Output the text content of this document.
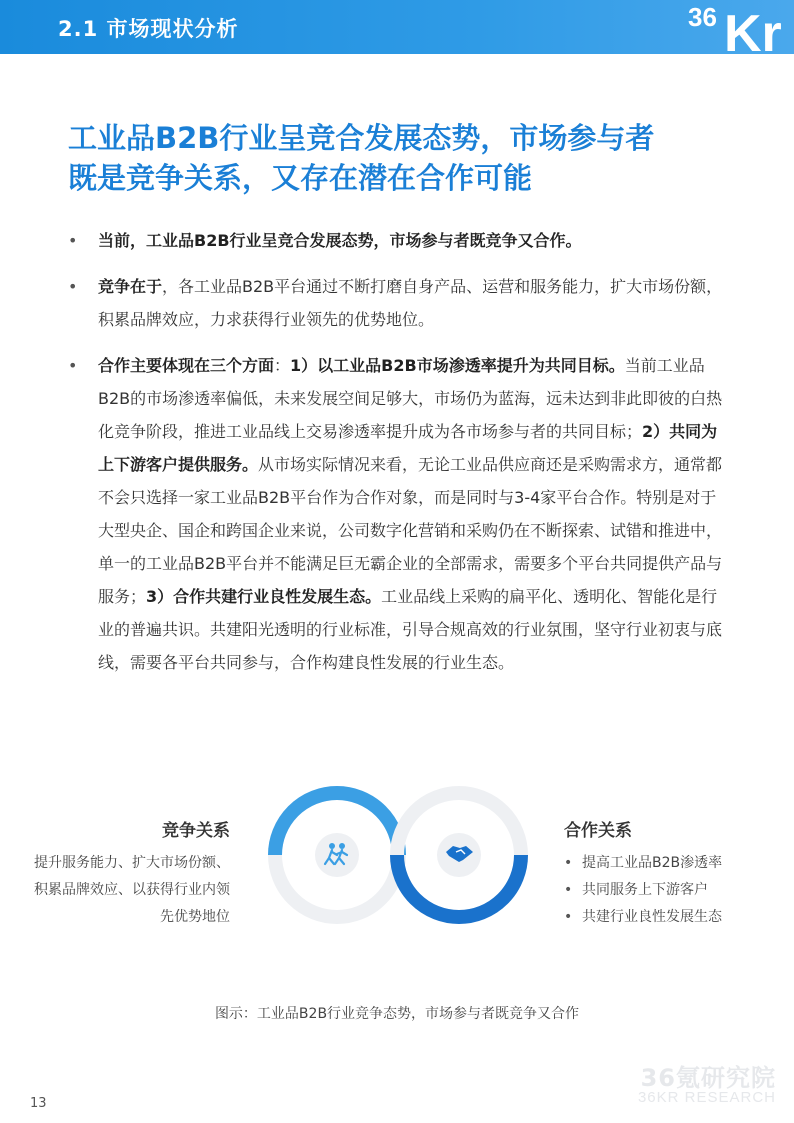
2.1 市场现状分析	36 Kr
工业品B2B行业呈竞合发展态势，市场参与者
既是竞争关系，又存在潜在合作可能
• 当前，工业品B2B行业呈竞合发展态势，市场参与者既竞争又合作。
• 竞争在于，各工业品B2B平台通过不断打磨自身产品、运营和服务能力，扩大市场份额，积累品牌效应，力求获得行业领先的优势地位。
• 合作主要体现在三个方面：1）以工业品B2B市场渗透率提升为共同目标。当前工业品B2B的市场渗透率偏低，未来发展空间足够大，市场仍为蓝海，远未达到非此即彼的白热化竞争阶段，推进工业品线上交易渗透率提升成为各市场参与者的共同目标；2）共同为上下游客户提供服务。从市场实际情况来看，无论工业品供应商还是采购需求方，通常都不会只选择一家工业品B2B平台作为合作对象，而是同时与3-4家平台合作。特别是对于大型央企、国企和跨国企业来说，公司数字化营销和采购仍在不断探索、试错和推进中，单一的工业品B2B平台并不能满足巨无霸企业的全部需求，需要多个平台共同提供产品与服务；3）合作共建行业良性发展生态。工业品线上采购的扁平化、透明化、智能化是行业的普遍共识。共建阳光透明的行业标准，引导合规高效的行业氛围，坚守行业初衷与底线，需要各平台共同参与，合作构建良性发展的行业生态。
竞争关系
提升服务能力、扩大市场份额、积累品牌效应、以获得行业内领先优势地位
合作关系
• 提高工业品B2B渗透率
• 共同服务上下游客户
• 共建行业良性发展生态
图示：工业品B2B行业竞争态势，市场参与者既竞争又合作
36氪研究院
36KR RESEARCH
13
